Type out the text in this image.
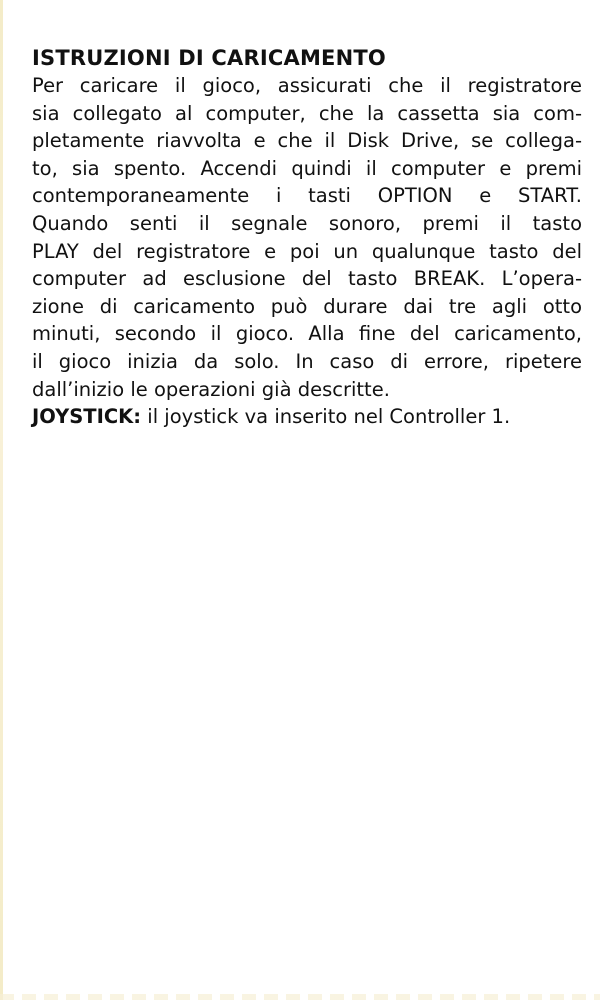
ISTRUZIONI DI CARICAMENTO

Per caricare il gioco, assicurati che il registratore

sia collegato al computer, che la cassetta sia com-

pletamente riavvolta e che il Disk Drive, se collega-

to, sia spento. Accendi quindi il computer e premi

contemporaneamente i tasti OPTION e START.

Quando senti il segnale sonoro, premi il tasto

PLAY del registratore e poi un qualunque tasto del

computer ad esclusione del tasto BREAK. L’opera-

zione di caricamento può durare dai tre agli otto

minuti, secondo il gioco. Alla fine del caricamento,

il gioco inizia da solo. In caso di errore, ripetere

dall’inizio le operazioni già descritte.

JOYSTICK: il joystick va inserito nel Controller 1.
